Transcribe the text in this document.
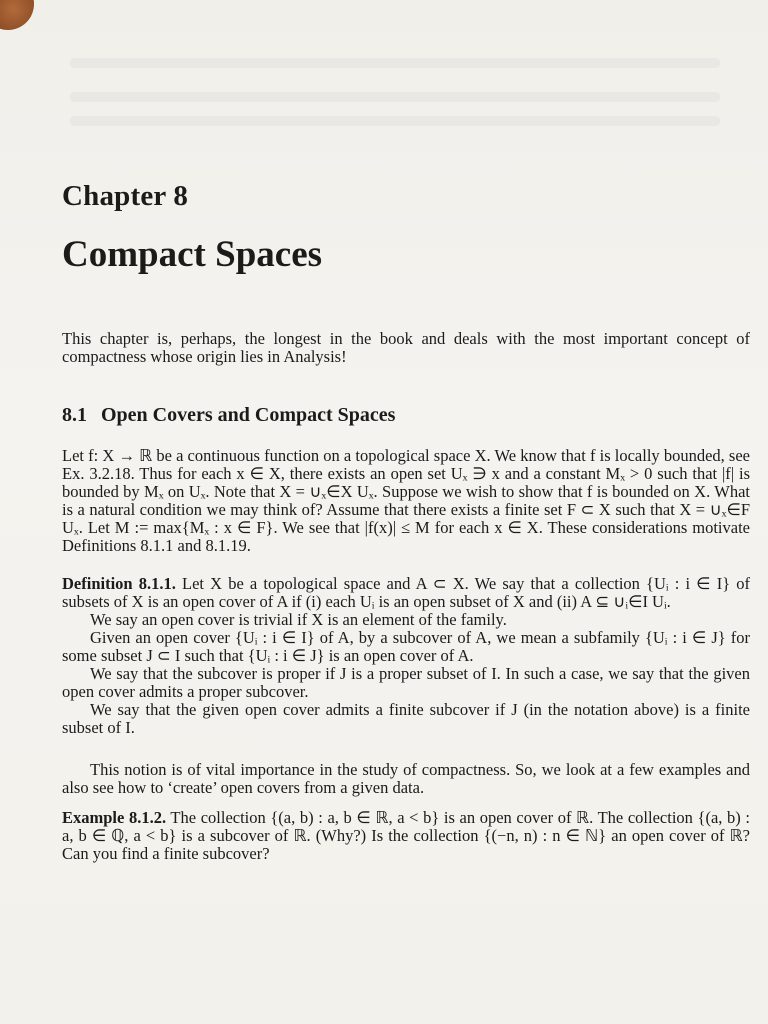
Chapter 8
Compact Spaces

This chapter is, perhaps, the longest in the book and deals with the most important concept of compactness whose origin lies in Analysis!

8.1 Open Covers and Compact Spaces

Let f: X → ℝ be a continuous function on a topological space X. We know that f is locally bounded, see Ex. 3.2.18. Thus for each x ∈ X, there exists an open set Uₓ ∋ x and a constant Mₓ > 0 such that |f| is bounded by Mₓ on Uₓ. Note that X = ∪ₓ∈X Uₓ. Suppose we wish to show that f is bounded on X. What is a natural condition we may think of? Assume that there exists a finite set F ⊂ X such that X = ∪ₓ∈F Uₓ. Let M := max{Mₓ : x ∈ F}. We see that |f(x)| ≤ M for each x ∈ X. These considerations motivate Definitions 8.1.1 and 8.1.19.

Definition 8.1.1. Let X be a topological space and A ⊂ X. We say that a collection {Uᵢ : i ∈ I} of subsets of X is an open cover of A if (i) each Uᵢ is an open subset of X and (ii) A ⊆ ∪ᵢ∈I Uᵢ.

We say an open cover is trivial if X is an element of the family.

Given an open cover {Uᵢ : i ∈ I} of A, by a subcover of A, we mean a subfamily {Uᵢ : i ∈ J} for some subset J ⊂ I such that {Uᵢ : i ∈ J} is an open cover of A.

We say that the subcover is proper if J is a proper subset of I. In such a case, we say that the given open cover admits a proper subcover.

We say that the given open cover admits a finite subcover if J (in the notation above) is a finite subset of I.

This notion is of vital importance in the study of compactness. So, we look at a few examples and also see how to ‘create’ open covers from a given data.

Example 8.1.2. The collection {(a, b) : a, b ∈ ℝ, a < b} is an open cover of ℝ. The collection {(a, b) : a, b ∈ ℚ, a < b} is a subcover of ℝ. (Why?) Is the collection {(−n, n) : n ∈ ℕ} an open cover of ℝ? Can you find a finite subcover?
